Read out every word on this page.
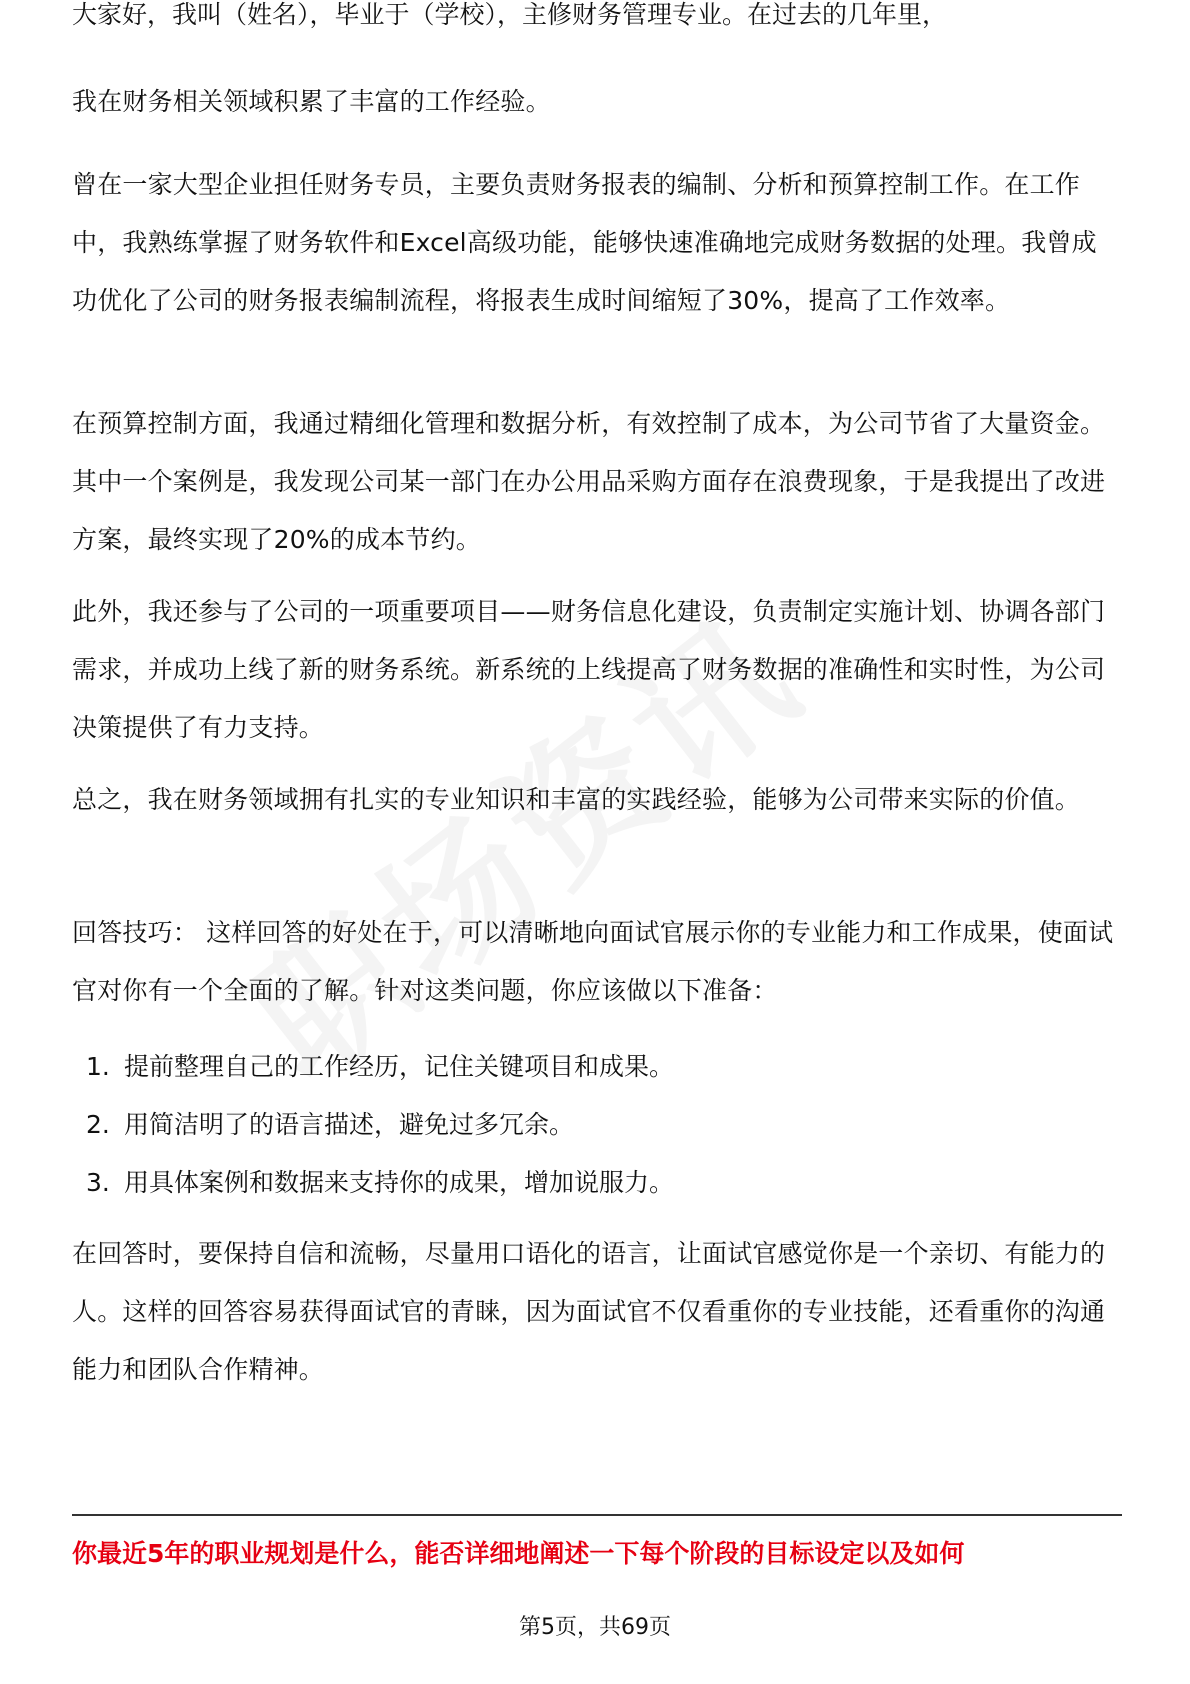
大家好，我叫（姓名），毕业于（学校），主修财务管理专业。在过去的几年里，

我在财务相关领域积累了丰富的工作经验。

曾在一家大型企业担任财务专员，主要负责财务报表的编制、分析和预算控制工作。在工作中，我熟练掌握了财务软件和Excel高级功能，能够快速准确地完成财务数据的处理。我曾成功优化了公司的财务报表编制流程，将报表生成时间缩短了30%，提高了工作效率。

在预算控制方面，我通过精细化管理和数据分析，有效控制了成本，为公司节省了大量资金。其中一个案例是，我发现公司某一部门在办公用品采购方面存在浪费现象，于是我提出了改进方案，最终实现了20%的成本节约。

此外，我还参与了公司的一项重要项目——财务信息化建设，负责制定实施计划、协调各部门需求，并成功上线了新的财务系统。新系统的上线提高了财务数据的准确性和实时性，为公司决策提供了有力支持。

总之，我在财务领域拥有扎实的专业知识和丰富的实践经验，能够为公司带来实际的价值。

回答技巧： 这样回答的好处在于，可以清晰地向面试官展示你的专业能力和工作成果，使面试官对你有一个全面的了解。针对这类问题，你应该做以下准备：

1. 提前整理自己的工作经历，记住关键项目和成果。
2. 用简洁明了的语言描述，避免过多冗余。
3. 用具体案例和数据来支持你的成果，增加说服力。

在回答时，要保持自信和流畅，尽量用口语化的语言，让面试官感觉你是一个亲切、有能力的人。这样的回答容易获得面试官的青睐，因为面试官不仅看重你的专业技能，还看重你的沟通能力和团队合作精神。

你最近5年的职业规划是什么，能否详细地阐述一下每个阶段的目标设定以及如何
第5页，共69页
